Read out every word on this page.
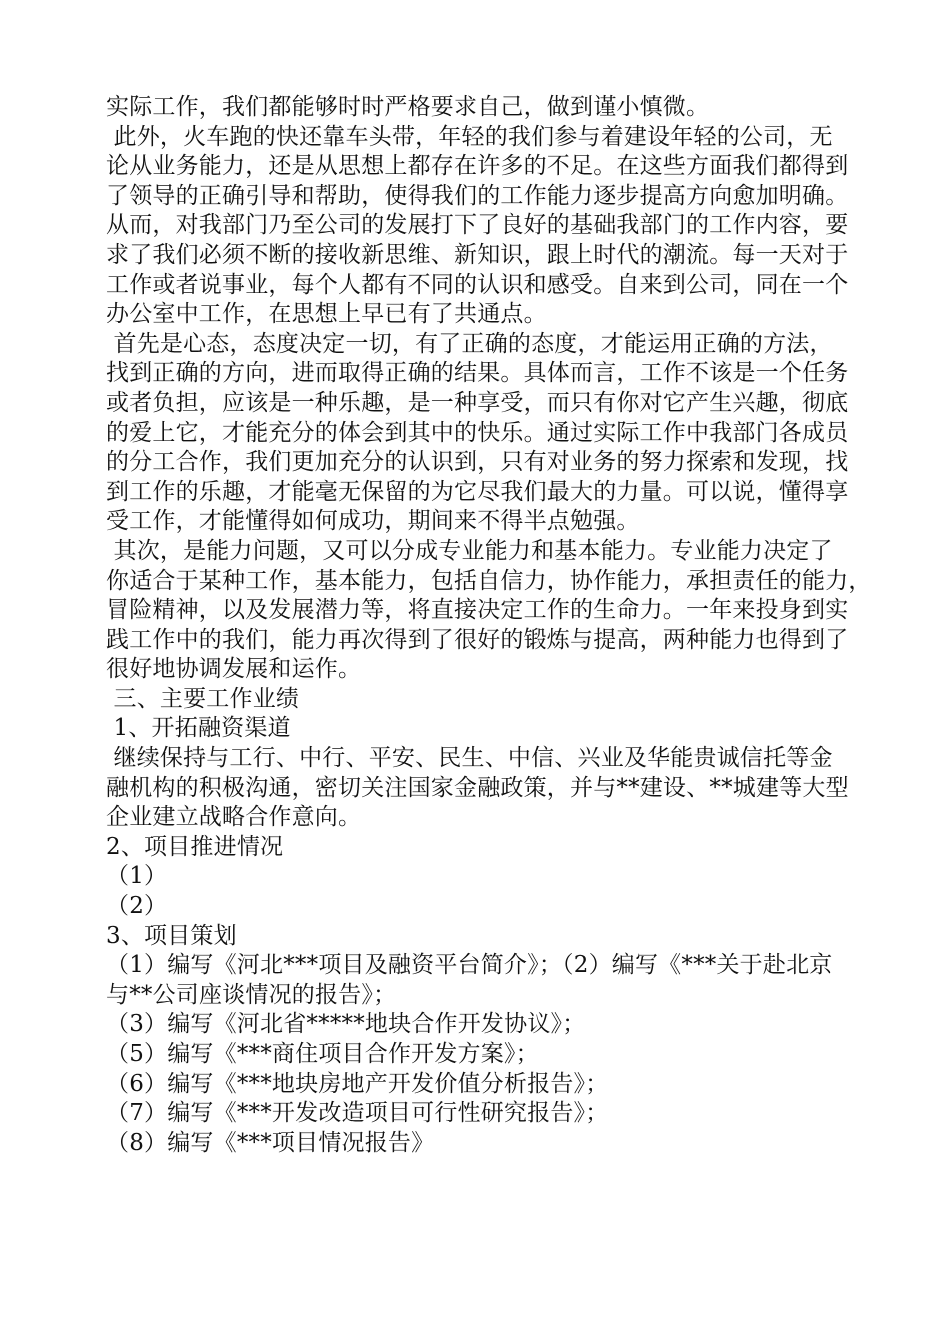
实际工作，我们都能够时时严格要求自己，做到谨小慎微。
此外，火车跑的快还靠车头带，年轻的我们参与着建设年轻的公司，无
论从业务能力，还是从思想上都存在许多的不足。在这些方面我们都得到
了领导的正确引导和帮助，使得我们的工作能力逐步提高方向愈加明确。
从而，对我部门乃至公司的发展打下了良好的基础我部门的工作内容，要
求了我们必须不断的接收新思维、新知识，跟上时代的潮流。每一天对于
工作或者说事业，每个人都有不同的认识和感受。自来到公司，同在一个
办公室中工作，在思想上早已有了共通点。
首先是心态，态度决定一切，有了正确的态度，才能运用正确的方法，
找到正确的方向，进而取得正确的结果。具体而言，工作不该是一个任务
或者负担，应该是一种乐趣，是一种享受，而只有你对它产生兴趣，彻底
的爱上它，才能充分的体会到其中的快乐。通过实际工作中我部门各成员
的分工合作，我们更加充分的认识到，只有对业务的努力探索和发现，找
到工作的乐趣，才能毫无保留的为它尽我们最大的力量。可以说，懂得享
受工作，才能懂得如何成功，期间来不得半点勉强。
其次，是能力问题，又可以分成专业能力和基本能力。专业能力决定了
你适合于某种工作，基本能力，包括自信力，协作能力，承担责任的能力，
冒险精神，以及发展潜力等，将直接决定工作的生命力。一年来投身到实
践工作中的我们，能力再次得到了很好的锻炼与提高，两种能力也得到了
很好地协调发展和运作。
三、主要工作业绩
1、开拓融资渠道
继续保持与工行、中行、平安、民生、中信、兴业及华能贵诚信托等金
融机构的积极沟通，密切关注国家金融政策，并与**建设、**城建等大型
企业建立战略合作意向。
2、项目推进情况
（1）
（2）
3、项目策划
（1）编写《河北***项目及融资平台简介》；（2）编写《***关于赴北京
与**公司座谈情况的报告》；
（3）编写《河北省*****地块合作开发协议》；
（5）编写《***商住项目合作开发方案》；
（6）编写《***地块房地产开发价值分析报告》；
（7）编写《***开发改造项目可行性研究报告》；
（8）编写《***项目情况报告》
